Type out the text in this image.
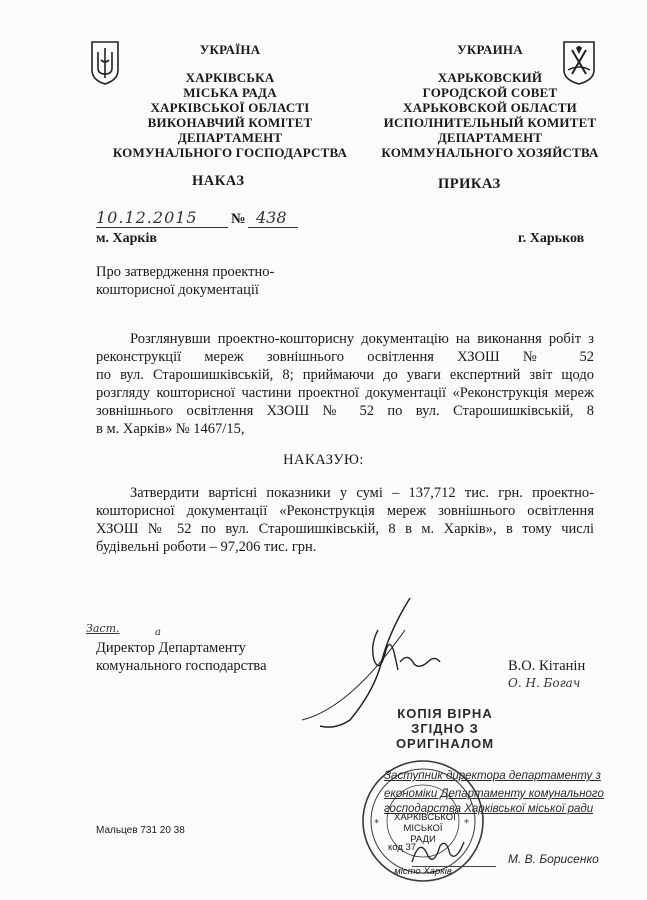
УКРАЇНА
ХАРКІВСЬКА
МІСЬКА РАДА
ХАРКІВСЬКОЇ ОБЛАСТІ
ВИКОНАВЧИЙ КОМІТЕТ
ДЕПАРТАМЕНТ
КОМУНАЛЬНОГО ГОСПОДАРСТВА
УКРАИНА
ХАРЬКОВСКИЙ
ГОРОДСКОЙ СОВЕТ
ХАРЬКОВСКОЙ ОБЛАСТИ
ИСПОЛНИТЕЛЬНЫЙ КОМИТЕТ
ДЕПАРТАМЕНТ
КОММУНАЛЬНОГО ХОЗЯЙСТВА
НАКАЗ	ПРИКАЗ
10.12.2015 № 438
м. Харків	г. Харьков
Про затвердження проектно-
кошторисної документації
Розглянувши проектно-кошторисну документацію на виконання робіт з
реконструкції мереж зовнішнього освітлення ХЗОШ № 52
по вул. Старошишківській, 8; приймаючи до уваги експертний звіт щодо
розгляду кошторисної частини проектної документації «Реконструкція мереж
зовнішнього освітлення ХЗОШ № 52 по вул. Старошишківській, 8
в м. Харків» № 1467/15,
НАКАЗУЮ:
Затвердити вартісні показники у сумі – 137,712 тис. грн. проектно-
кошторисної документації «Реконструкція мереж зовнішнього освітлення
ХЗОШ № 52 по вул. Старошишківській, 8 в м. Харків», в тому числі
будівельні роботи – 97,206 тис. грн.
Заст.	а
Директор Департаменту
комунального господарства	В.О. Кітанін
О. Н. Богач
КОПІЯ ВІРНА
ЗГІДНО З
ОРИГІНАЛОМ
*	*
ХАРКІВСЬКОЇ
МІСЬКОЇ РАДИ
код 37
місто Харків
Заступник директора департаменту з
економіки Департаменту комунального
господарства Харківської міської ради
М. В. Борисенко
Мальцев 731 20 38
